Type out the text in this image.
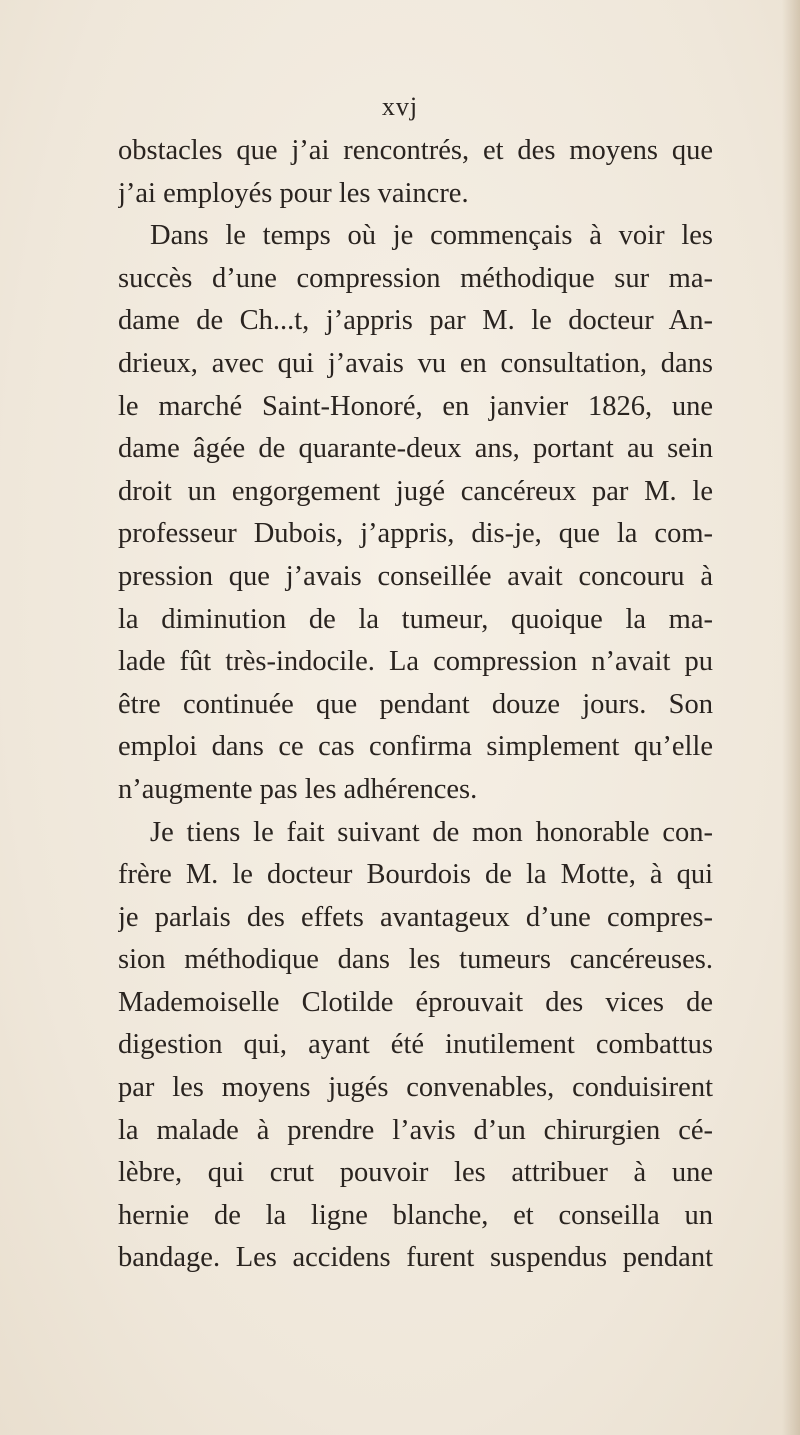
xvj
obstacles que j’ai rencontrés, et des moyens que
j’ai employés pour les vaincre.
Dans le temps où je commençais à voir les
succès d’une compression méthodique sur ma-
dame de Ch...t, j’appris par M. le docteur An-
drieux, avec qui j’avais vu en consultation, dans
le marché Saint-Honoré, en janvier 1826, une
dame âgée de quarante-deux ans, portant au sein
droit un engorgement jugé cancéreux par M. le
professeur Dubois, j’appris, dis-je, que la com-
pression que j’avais conseillée avait concouru à
la diminution de la tumeur, quoique la ma-
lade fût très-indocile. La compression n’avait pu
être continuée que pendant douze jours. Son
emploi dans ce cas confirma simplement qu’elle
n’augmente pas les adhérences.
Je tiens le fait suivant de mon honorable con-
frère M. le docteur Bourdois de la Motte, à qui
je parlais des effets avantageux d’une compres-
sion méthodique dans les tumeurs cancéreuses.
Mademoiselle Clotilde éprouvait des vices de
digestion qui, ayant été inutilement combattus
par les moyens jugés convenables, conduisirent
la malade à prendre l’avis d’un chirurgien cé-
lèbre, qui crut pouvoir les attribuer à une
hernie de la ligne blanche, et conseilla un
bandage. Les accidens furent suspendus pendant
